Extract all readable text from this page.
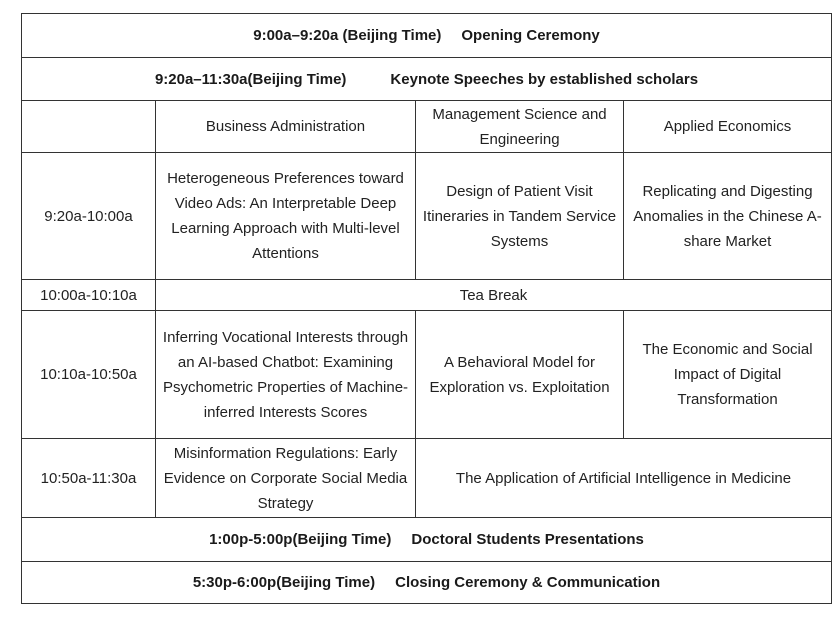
9:00a–9:20a (Beijing Time) Opening Ceremony			
9:20a–11:30a(Beijing Time) Keynote Speeches by established scholars			
	Business Administration	Management Science and Engineering	Applied Economics
9:20a-10:00a	Heterogeneous Preferences toward Video Ads: An Interpretable Deep Learning Approach with Multi-level Attentions	Design of Patient Visit Itineraries in Tandem Service Systems	Replicating and Digesting Anomalies in the Chinese A-share Market
10:00a-10:10a	Tea Break		
10:10a-10:50a	Inferring Vocational Interests through an AI-based Chatbot: Examining Psychometric Properties of Machine-inferred Interests Scores	A Behavioral Model for Exploration vs. Exploitation	The Economic and Social Impact of Digital Transformation
10:50a-11:30a	Misinformation Regulations: Early Evidence on Corporate Social Media Strategy	The Application of Artificial Intelligence in Medicine	
1:00p-5:00p(Beijing Time) Doctoral Students Presentations			
5:30p-6:00p(Beijing Time) Closing Ceremony & Communication			
